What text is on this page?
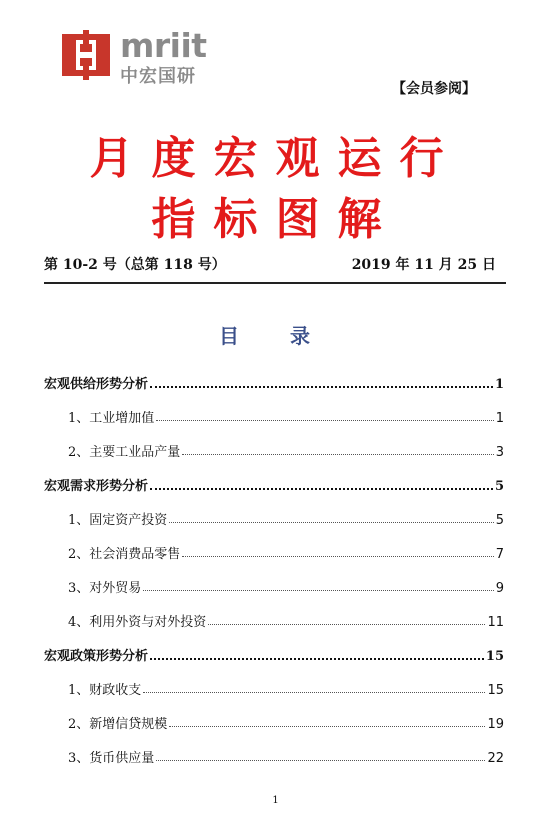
mriit
中宏国研
【会员参阅】
月度宏观运行
指标图解
第 10-2 号（总第 118 号）	2019 年 11 月 25 日
目 录
宏观供给形势分析	1
1、工业增加值	1
2、主要工业品产量	3
宏观需求形势分析	5
1、固定资产投资	5
2、社会消费品零售	7
3、对外贸易	9
4、利用外资与对外投资	11
宏观政策形势分析	15
1、财政收支	15
2、新增信贷规模	19
3、货币供应量	22
1
